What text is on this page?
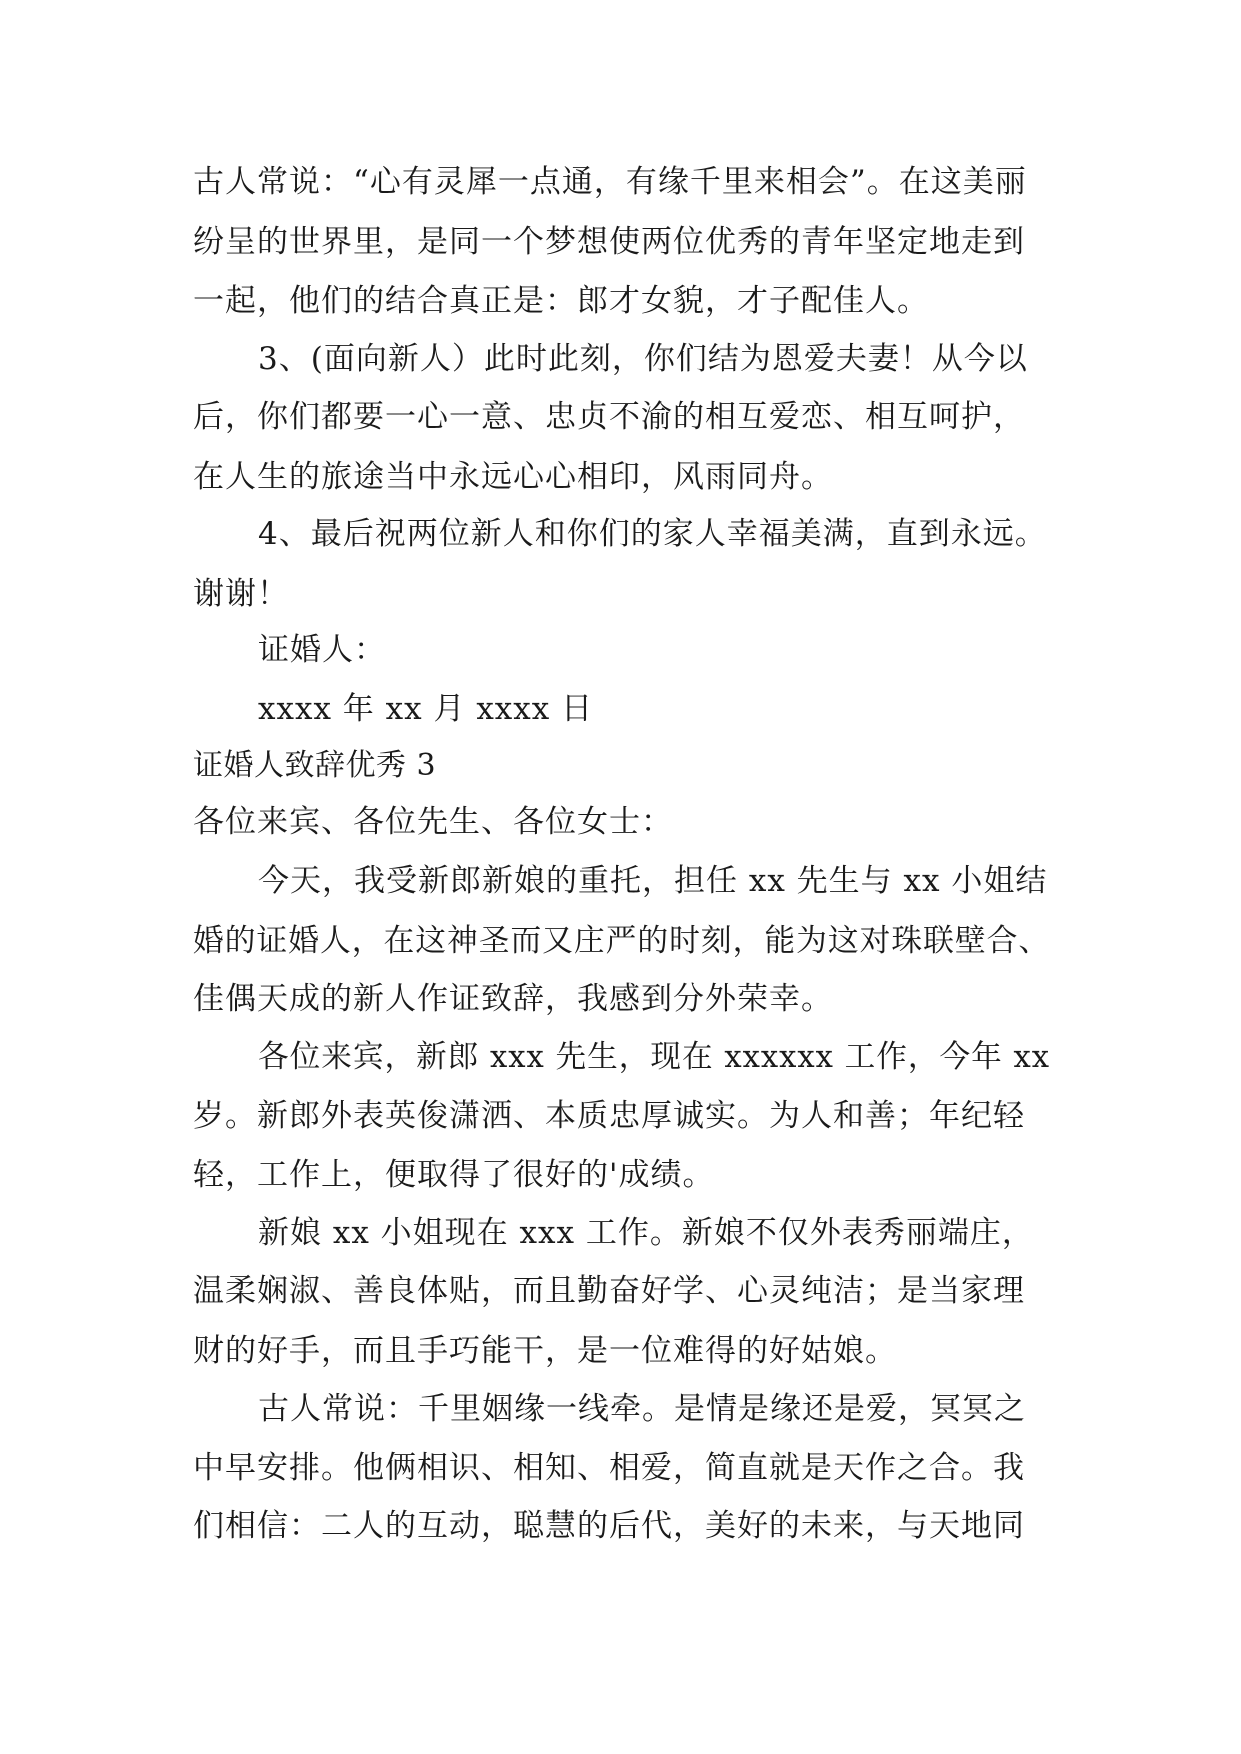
古人常说：“心有灵犀一点通，有缘千里来相会”。在这美丽
纷呈的世界里，是同一个梦想使两位优秀的青年坚定地走到
一起，他们的结合真正是：郎才女貌，才子配佳人。
3、(面向新人）此时此刻，你们结为恩爱夫妻！从今以
后，你们都要一心一意、忠贞不渝的相互爱恋、相互呵护，
在人生的旅途当中永远心心相印，风雨同舟。
4、最后祝两位新人和你们的家人幸福美满，直到永远。
谢谢！
证婚人：
xxxx 年 xx 月 xxxx 日
证婚人致辞优秀 3
各位来宾、各位先生、各位女士：
今天，我受新郎新娘的重托，担任 xx 先生与 xx 小姐结
婚的证婚人，在这神圣而又庄严的时刻，能为这对珠联壁合、
佳偶天成的新人作证致辞，我感到分外荣幸。
各位来宾，新郎 xxx 先生，现在 xxxxxx 工作，今年 xx
岁。新郎外表英俊潇洒、本质忠厚诚实。为人和善；年纪轻
轻，工作上，便取得了很好的'成绩。
新娘 xx 小姐现在 xxx 工作。新娘不仅外表秀丽端庄，
温柔娴淑、善良体贴，而且勤奋好学、心灵纯洁；是当家理
财的好手，而且手巧能干，是一位难得的好姑娘。
古人常说：千里姻缘一线牵。是情是缘还是爱，冥冥之
中早安排。他俩相识、相知、相爱，简直就是天作之合。我
们相信：二人的互动，聪慧的后代，美好的未来，与天地同
